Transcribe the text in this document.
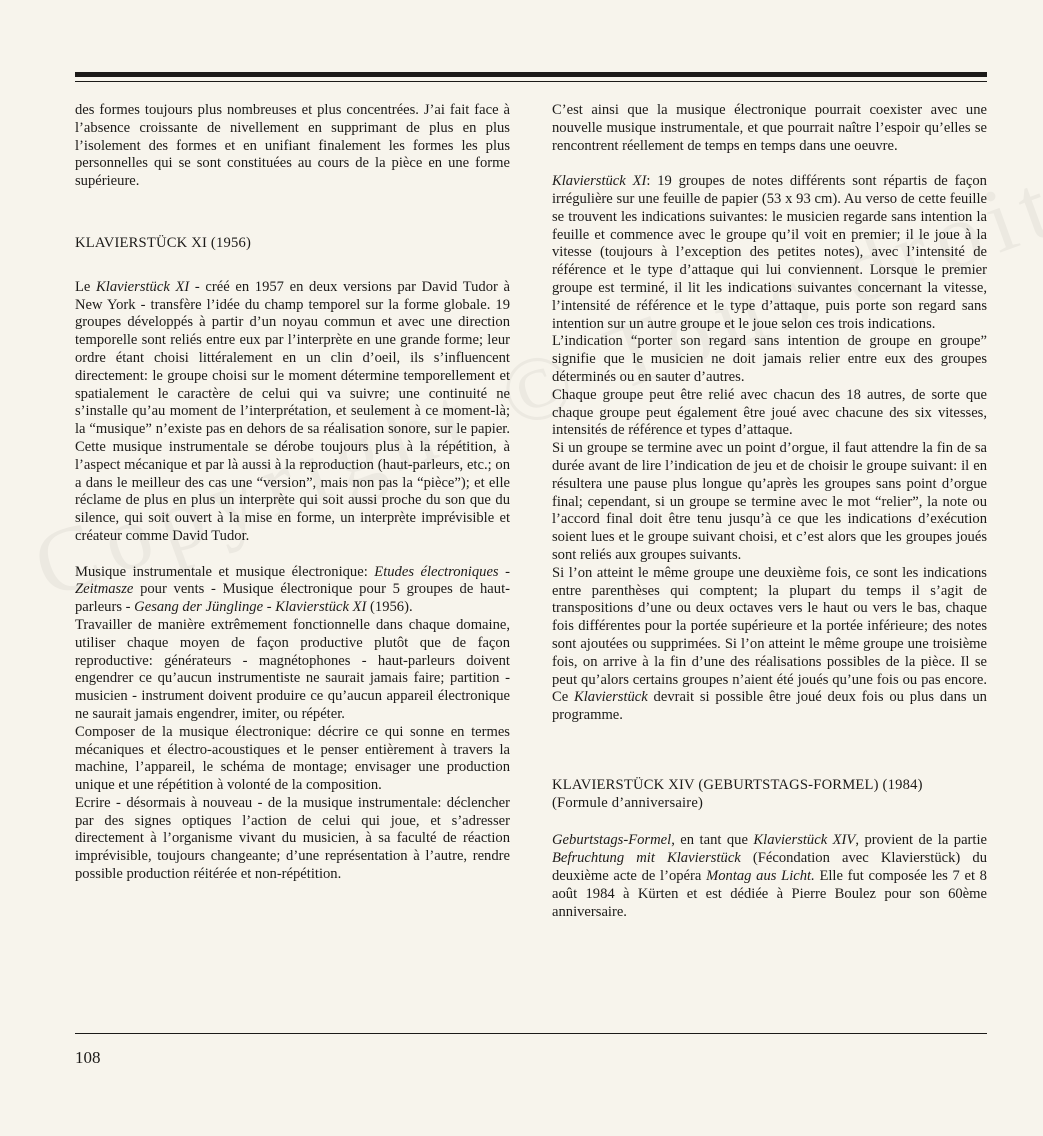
des formes toujours plus nombreuses et plus concentrées. J’ai fait face à l’absence croissante de nivellement en supprimant de plus en plus l’isolement des formes et en unifiant finalement les formes les plus personnelles qui se sont constituées au cours de la pièce en une forme supérieure.

KLAVIERSTÜCK XI (1956)

Le Klavierstück XI - créé en 1957 en deux versions par David Tudor à New York - transfère l’idée du champ temporel sur la forme globale. 19 groupes développés à partir d’un noyau commun et avec une direction temporelle sont reliés entre eux par l’interprète en une grande forme; leur ordre étant choisi littéralement en un clin d’oeil, ils s’influencent directement: le groupe choisi sur le moment détermine temporellement et spatialement le caractère de celui qui va suivre; une continuité ne s’installe qu’au moment de l’interprétation, et seulement à ce moment-là; la “musique” n’existe pas en dehors de sa réalisation sonore, sur le papier. Cette musique instrumentale se dérobe toujours plus à la répétition, à l’aspect mécanique et par là aussi à la reproduction (haut-parleurs, etc.; on a dans le meilleur des cas une “version”, mais non pas la “pièce”); et elle réclame de plus en plus un interprète qui soit aussi proche du son que du silence, qui soit ouvert à la mise en forme, un interprète imprévisible et créateur comme David Tudor.

Musique instrumentale et musique électronique: Etudes électroniques - Zeitmasze pour vents - Musique électronique pour 5 groupes de haut-parleurs - Gesang der Jünglinge - Klavierstück XI (1956).

Travailler de manière extrêmement fonctionnelle dans chaque domaine, utiliser chaque moyen de façon productive plutôt que de façon reproductive: générateurs - magnétophones - haut-parleurs doivent engendrer ce qu’aucun instrumentiste ne saurait jamais faire; partition - musicien - instrument doivent produire ce qu’aucun appareil électronique ne saurait jamais engendrer, imiter, ou répéter.

Composer de la musique électronique: décrire ce qui sonne en termes mécaniques et électro-acoustiques et le penser entièrement à travers la machine, l’appareil, le schéma de montage; envisager une production unique et une répétition à volonté de la composition.

Ecrire - désormais à nouveau - de la musique instrumentale: déclencher par des signes optiques l’action de celui qui joue, et s’adresser directement à l’organisme vivant du musicien, à sa faculté de réaction imprévisible, toujours changeante; d’une représentation à l’autre, rendre possible production réitérée et non-répétition.

C’est ainsi que la musique électronique pourrait coexister avec une nouvelle musique instrumentale, et que pourrait naître l’espoir qu’elles se rencontrent réellement de temps en temps dans une oeuvre.

Klavierstück XI: 19 groupes de notes différents sont répartis de façon irrégulière sur une feuille de papier (53 x 93 cm). Au verso de cette feuille se trouvent les indications suivantes: le musicien regarde sans intention la feuille et commence avec le groupe qu’il voit en premier; il le joue à la vitesse (toujours à l’exception des petites notes), avec l’intensité de référence et le type d’attaque qui lui conviennent. Lorsque le premier groupe est terminé, il lit les indications suivantes concernant la vitesse, l’intensité de référence et le type d’attaque, puis porte son regard sans intention sur un autre groupe et le joue selon ces trois indications.

L’indication “porter son regard sans intention de groupe en groupe” signifie que le musicien ne doit jamais relier entre eux des groupes déterminés ou en sauter d’autres.

Chaque groupe peut être relié avec chacun des 18 autres, de sorte que chaque groupe peut également être joué avec chacune des six vitesses, intensités de référence et types d’attaque.

Si un groupe se termine avec un point d’orgue, il faut attendre la fin de sa durée avant de lire l’indication de jeu et de choisir le groupe suivant: il en résultera une pause plus longue qu’après les groupes sans point d’orgue final; cependant, si un groupe se termine avec le mot “relier”, la note ou l’accord final doit être tenu jusqu’à ce que les indications d’exécution soient lues et le groupe suivant choisi, et c’est alors que les groupes joués sont reliés aux groupes suivants.

Si l’on atteint le même groupe une deuxième fois, ce sont les indications entre parenthèses qui comptent; la plupart du temps il s’agit de transpositions d’une ou deux octaves vers le haut ou vers le bas, chaque fois différentes pour la portée supérieure et la portée inférieure; des notes sont ajoutées ou supprimées. Si l’on atteint le même groupe une troisième fois, on arrive à la fin d’une des réalisations possibles de la pièce. Il se peut qu’alors certains groupes n’aient été joués qu’une fois ou pas encore. Ce Klavierstück devrait si possible être joué deux fois ou plus dans un programme.

KLAVIERSTÜCK XIV (GEBURTSTAGS-FORMEL) (1984)
(Formule d’anniversaire)

Geburtstags-Formel, en tant que Klavierstück XIV, provient de la partie Befruchtung mit Klavierstück (Fécondation avec Klavierstück) du deuxième acte de l’opéra Montag aus Licht. Elle fut composée les 7 et 8 août 1984 à Kürten et est dédiée à Pierre Boulez pour son 60ème anniversaire.

108
